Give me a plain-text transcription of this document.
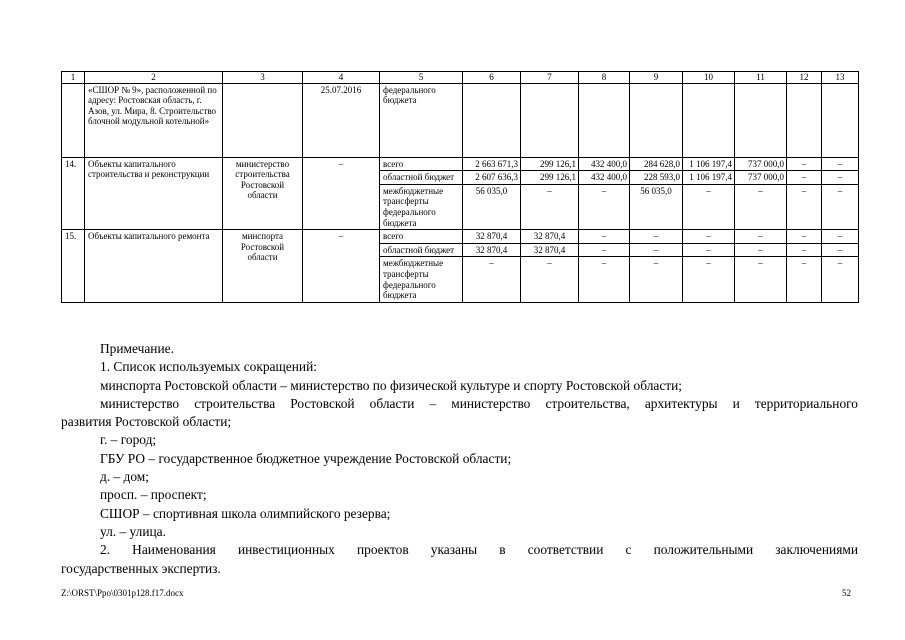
1	2	3	4	5	6	7	8	9	10	11	12	13
	«СШОР № 9», расположенной по адресу: Ростовская область, г. Азов, ул. Мира, 8. Строительство блочной модульной котельной»		25.07.2016	федерального бюджета								
14.	Объекты капитального строительства и реконструкции	министерство строительства Ростовской области	–	всего	2 663 671,3	299 126,1	432 400,0	284 628,0	1 106 197,4	737 000,0	–	–
				областной бюджет	2 607 636,3	299 126,1	432 400,0	228 593,0	1 106 197,4	737 000,0	–	–
				межбюджетные трансферты федерального бюджета	56 035,0	–	–	56 035,0	–	–	–	–
15.	Объекты капитального ремонта	минспорта Ростовской области	–	всего	32 870,4	32 870,4	–	–	–	–	–	–
				областной бюджет	32 870,4	32 870,4	–	–	–	–	–	–
				межбюджетные трансферты федерального бюджета	–	–	–	–	–	–	–	–

Примечание.

1. Список используемых сокращений:

минспорта Ростовской области – министерство по физической культуре и спорту Ростовской области;

министерство строительства Ростовской области – министерство строительства, архитектуры и территориального

развития Ростовской области;

г. – город;

ГБУ РО – государственное бюджетное учреждение Ростовской области;

д. – дом;

просп. – проспект;

СШОР – спортивная школа олимпийского резерва;

ул. – улица.

2. Наименования инвестиционных проектов указаны в соответствии с положительными заключениями

государственных экспертиз.

Z:\ORST\Ppo\0301p128.f17.docx	52
